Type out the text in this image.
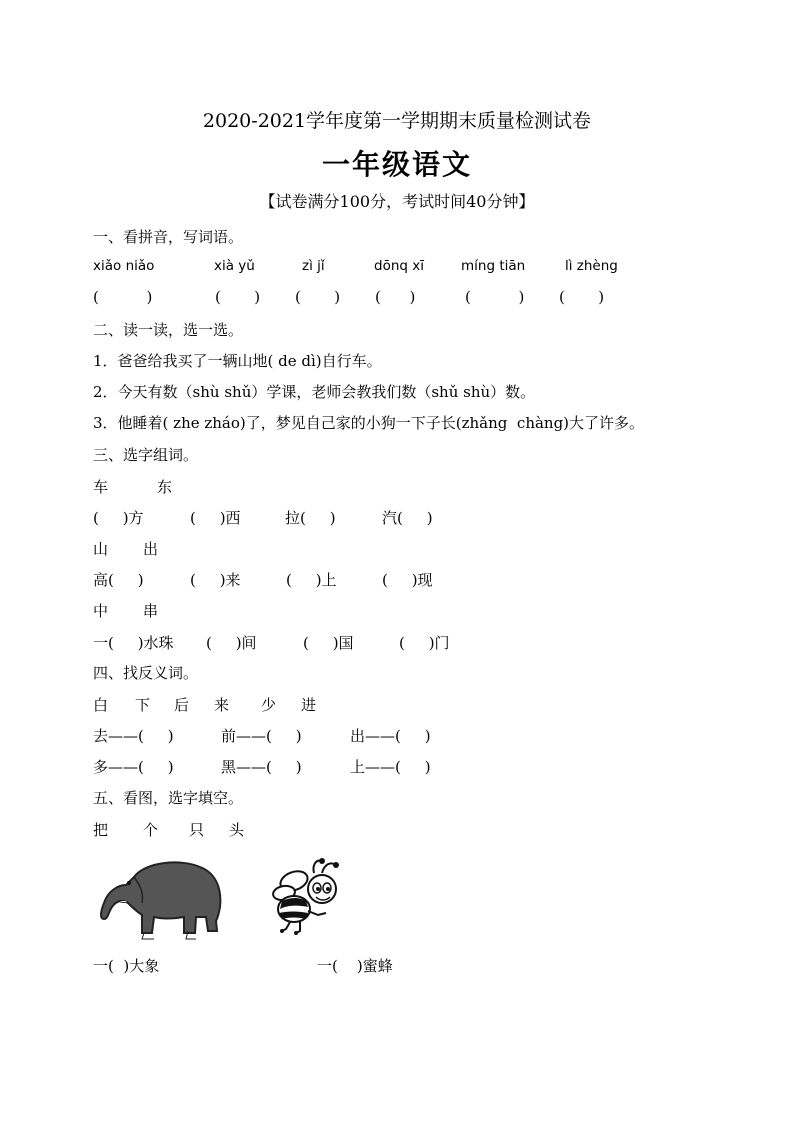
2020-2021学年度第一学期期末质量检测试卷
一年级语文
【试卷满分100分，考试时间40分钟】
一、看拼音，写词语。
xiǎo niǎo	xià yǔ	zì jǐ	dōnq xī	míng tiān	lì zhèng
(          )	(       ) (       ) (      )	(          ) (       )
二、读一读，选一选。
1．爸爸给我买了一辆山地( de dì)自行车。
2．今天有数（shù shǔ）学课，老师会教我们数（shǔ shù）数。
3．他睡着( zhe zháo)了，梦见自己家的小狗一下子长(zhǎng  chàng)大了许多。
三、选字组词。
车	东
(     )方	(     )西	拉(     )	汽(     )
山 出
高(     )	(     )来	(     )上	(     )现
中 串
一(     )水珠 (     )间	(     )国	(     )门
四、找反义词。
白 下 后 来 少 进
去——(     )	前——(     )	出——(     )
多——(     )	黑——(     )	上——(     )
五、看图，选字填空。
把 个 只 头
一(  )大象	一(    )蜜蜂
